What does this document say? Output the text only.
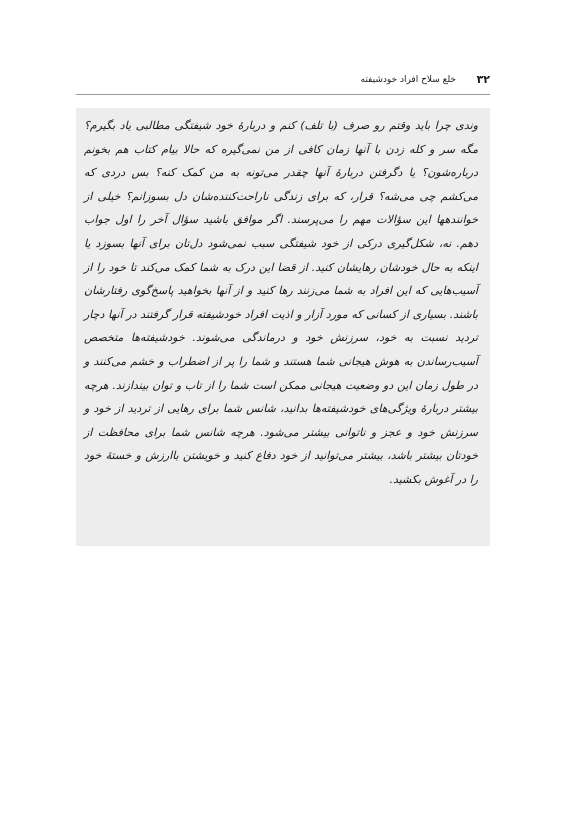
۳۲
خلع سلاح افراد خودشیفته

وندی چرا باید وقتم رو صرف (با تلف) کنم و دربارهٔ خود شیفتگی مطالبی یاد بگیرم؟ مگه سر و کله زدن با آنها زمان کافی از من نمی‌گیره که حالا بیام کتاب هم بخونم درباره‌شون؟ یا دگرفتن دربارهٔ آنها چقدر می‌تونه به من کمک کنه؟ بس دردی که می‌کشم چی می‌شه؟ قرار، که برای زندگی ناراحت‌کننده‌شان دل بسوزانم؟ خیلی از خوانندهها این سؤالات مهم را می‌پرسند. اگر موافق باشید سؤال آخر را اول جواب دهم. نه، شکل‌گیری درکی از خود شیفتگی سبب نمی‌شود دل‌تان برای آنها بسوزد یا اینکه به حال خودشان رهایشان کنید. از قضا این درک به شما کمک می‌کند تا خود را از آسیب‌هایی که این افراد به شما می‌زنند رها کنید و از آنها بخواهید پاسخ‌گوی رفتارشان باشند. بسیاری از کسانی که مورد آزار و اذیت افراد خودشیفته قرار گرفتند در آنها دچار تردید نسبت به خود، سرزنش خود و درماندگی می‌شوند. خودشیفته‌ها متخصص آسیب‌رساندن به هوش هیجانی شما هستند و شما را پر از اضطراب و خشم می‌کنند و در طول زمان این دو وضعیت هیجانی ممکن است شما را از تاب و توان بیندازند. هرچه بیشتر دربارهٔ ویژگی‌های خودشیفته‌ها بدانید، شانس شما برای رهایی از تردید از خود و سرزنش خود و عجز و ناتوانی بیشتر می‌شود. هرچه شانس شما برای محافظت از خودتان بیشتر باشد، بیشتر می‌توانید از خود دفاع کنید و خویشتن باارزش و خستهٔ خود را در آغوش بکشید.
